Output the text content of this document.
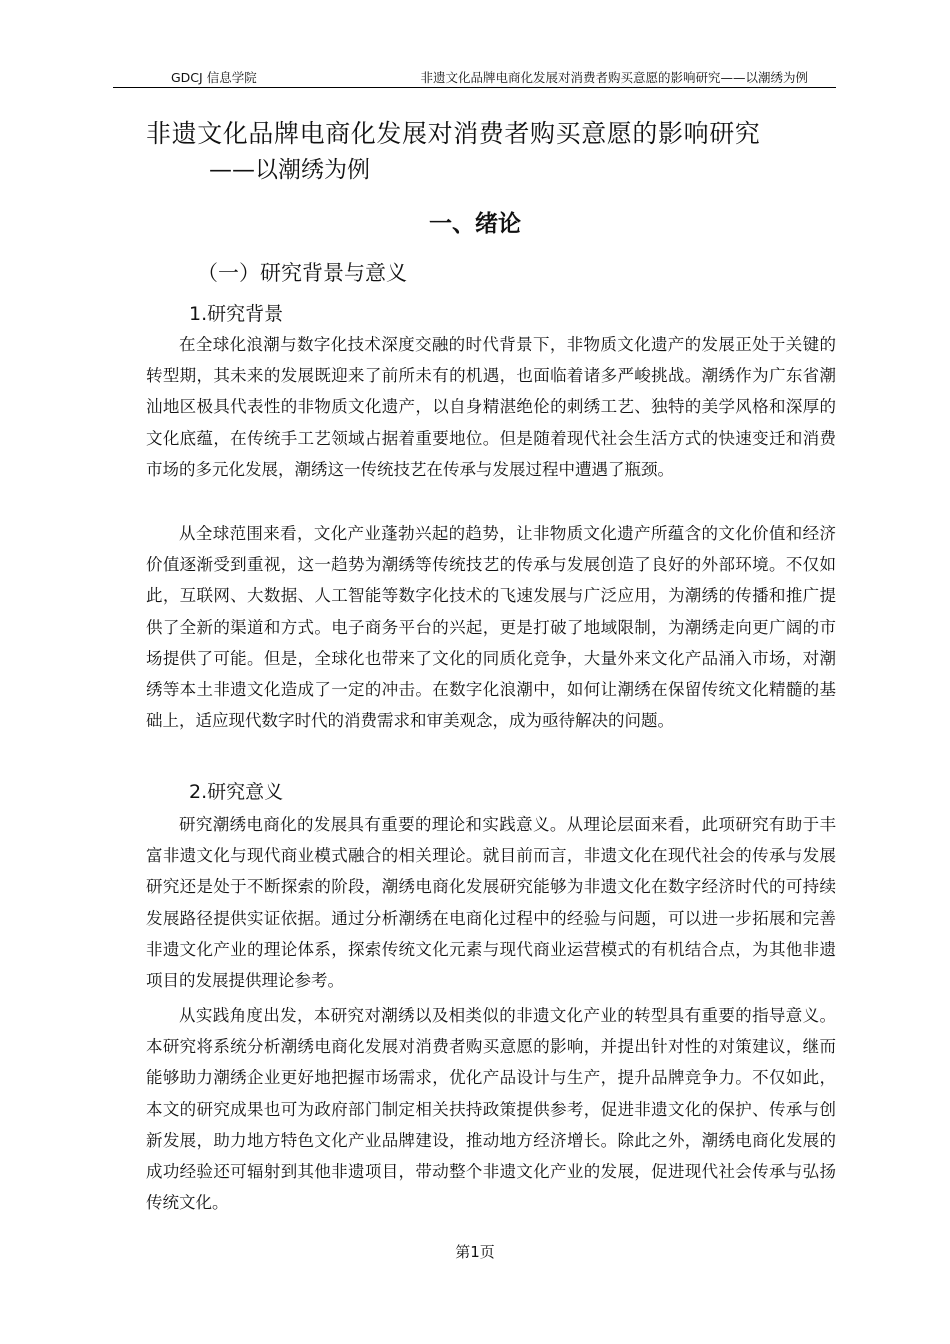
GDCJ 信息学院	非遗文化品牌电商化发展对消费者购买意愿的影响研究——以潮绣为例
非遗文化品牌电商化发展对消费者购买意愿的影响研究
——以潮绣为例
一、绪论
（一）研究背景与意义
1.研究背景

在全球化浪潮与数字化技术深度交融的时代背景下，非物质文化遗产的发展正处于关键的转型期，其未来的发展既迎来了前所未有的机遇，也面临着诸多严峻挑战。潮绣作为广东省潮汕地区极具代表性的非物质文化遗产，以自身精湛绝伦的刺绣工艺、独特的美学风格和深厚的文化底蕴，在传统手工艺领域占据着重要地位。但是随着现代社会生活方式的快速变迁和消费市场的多元化发展，潮绣这一传统技艺在传承与发展过程中遭遇了瓶颈。

从全球范围来看，文化产业蓬勃兴起的趋势，让非物质文化遗产所蕴含的文化价值和经济价值逐渐受到重视，这一趋势为潮绣等传统技艺的传承与发展创造了良好的外部环境。不仅如此，互联网、大数据、人工智能等数字化技术的飞速发展与广泛应用，为潮绣的传播和推广提供了全新的渠道和方式。电子商务平台的兴起，更是打破了地域限制，为潮绣走向更广阔的市场提供了可能。但是，全球化也带来了文化的同质化竞争，大量外来文化产品涌入市场，对潮绣等本土非遗文化造成了一定的冲击。在数字化浪潮中，如何让潮绣在保留传统文化精髓的基础上，适应现代数字时代的消费需求和审美观念，成为亟待解决的问题。

2.研究意义

研究潮绣电商化的发展具有重要的理论和实践意义。从理论层面来看，此项研究有助于丰富非遗文化与现代商业模式融合的相关理论。就目前而言，非遗文化在现代社会的传承与发展研究还是处于不断探索的阶段，潮绣电商化发展研究能够为非遗文化在数字经济时代的可持续发展路径提供实证依据。通过分析潮绣在电商化过程中的经验与问题，可以进一步拓展和完善非遗文化产业的理论体系，探索传统文化元素与现代商业运营模式的有机结合点，为其他非遗项目的发展提供理论参考。

从实践角度出发，本研究对潮绣以及相类似的非遗文化产业的转型具有重要的指导意义。本研究将系统分析潮绣电商化发展对消费者购买意愿的影响，并提出针对性的对策建议，继而能够助力潮绣企业更好地把握市场需求，优化产品设计与生产，提升品牌竞争力。不仅如此，本文的研究成果也可为政府部门制定相关扶持政策提供参考，促进非遗文化的保护、传承与创新发展，助力地方特色文化产业品牌建设，推动地方经济增长。除此之外，潮绣电商化发展的成功经验还可辐射到其他非遗项目，带动整个非遗文化产业的发展，促进现代社会传承与弘扬传统文化。

第1页
